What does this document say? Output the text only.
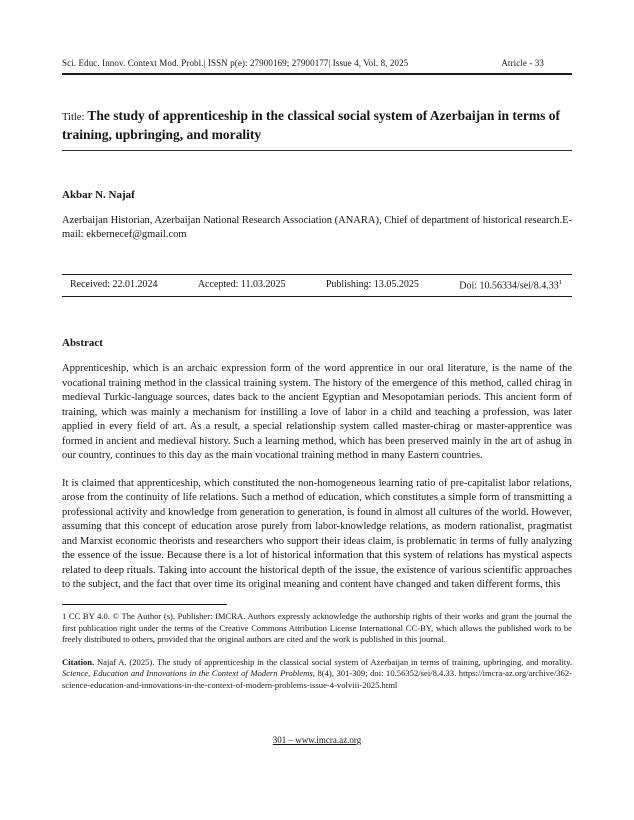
Sci. Educ. Innov. Context Mod. Probl.| ISSN p(e): 27900169; 27900177| Issue 4, Vol. 8, 2025	Atricle - 33
Title: The study of apprenticeship in the classical social system of Azerbaijan in terms of training, upbringing, and morality
Akbar N. Najaf
Azerbaijan Historian, Azerbaijan National Research Association (ANARA), Chief of department of historical research.E-mail: ekbernecef@gmail.com
Received: 22.01.2024	Accepted: 11.03.2025	Publishing: 13.05.2025	Doi: 10.56334/sei/8.4.33$^1$
Abstract

Apprenticeship, which is an archaic expression form of the word apprentice in our oral literature, is the name of the vocational training method in the classical training system. The history of the emergence of this method, called chirag in medieval Turkic-language sources, dates back to the ancient Egyptian and Mesopotamian periods. This ancient form of training, which was mainly a mechanism for instilling a love of labor in a child and teaching a profession, was later applied in every field of art. As a result, a special relationship system called master-chirag or master-apprentice was formed in ancient and medieval history. Such a learning method, which has been preserved mainly in the art of ashug in our country, continues to this day as the main vocational training method in many Eastern countries.

It is claimed that apprenticeship, which constituted the non-homogeneous learning ratio of pre-capitalist labor relations, arose from the continuity of life relations. Such a method of education, which constitutes a simple form of transmitting a professional activity and knowledge from generation to generation, is found in almost all cultures of the world. However, assuming that this concept of education arose purely from labor-knowledge relations, as modern rationalist, pragmatist and Marxist economic theorists and researchers who support their ideas claim, is problematic in terms of fully analyzing the essence of the issue. Because there is a lot of historical information that this system of relations has mystical aspects related to deep rituals. Taking into account the historical depth of the issue, the existence of various scientific approaches to the subject, and the fact that over time its original meaning and content have changed and taken different forms, this

1 CC BY 4.0. © The Author (s). Publisher: IMCRA. Authors expressly acknowledge the authorship rights of their works and grant the journal the first publication right under the terms of the Creative Commons Attribution License International CC-BY, which allows the published work to be freely distributed to others, provided that the original authors are cited and the work is published in this journal.
Citation. Najaf A. (2025). The study of apprenticeship in the classical social system of Azerbaijan in terms of training, upbringing, and morality. Science, Education and Innovations in the Context of Modern Problems, 8(4), 301-309; doi: 10.56352/sei/8.4.33. https://imcra-az.org/archive/362-science-education-and-innovations-in-the-context-of-modern-problems-issue-4-volviii-2025.html
301 – www.imcra.az.org
